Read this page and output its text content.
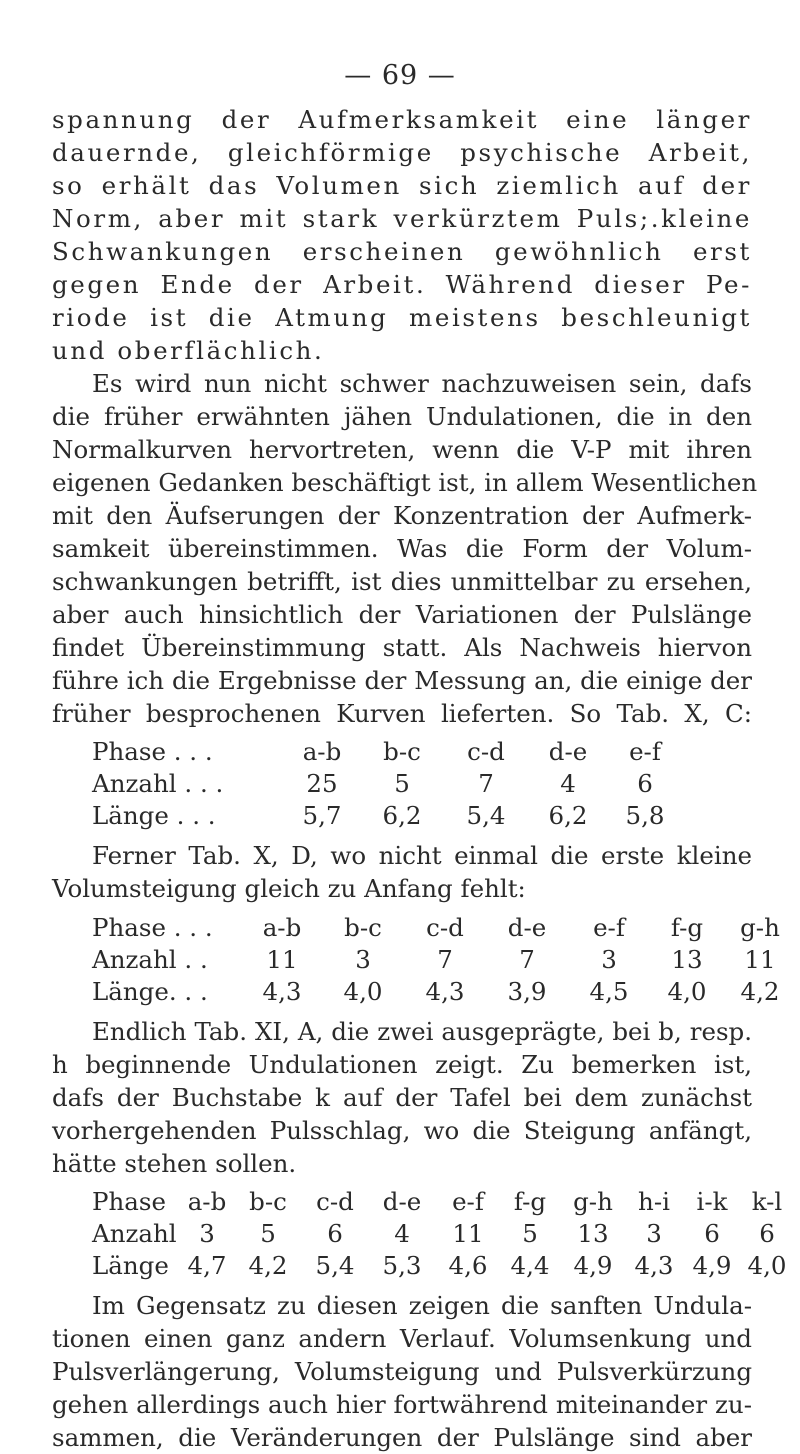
— 69 —
spannung der Aufmerksamkeit eine länger
dauernde, gleichförmige psychische Arbeit,
so erhält das Volumen sich ziemlich auf der
Norm, aber mit stark verkürztem Puls;.kleine
Schwankungen erscheinen gewöhnlich erst
gegen Ende der Arbeit. Während dieser Pe-
riode ist die Atmung meistens beschleunigt
und oberflächlich.
Es wird nun nicht schwer nachzuweisen sein, dafs
die früher erwähnten jähen Undulationen, die in den
Normalkurven hervortreten, wenn die V-P mit ihren
eigenen Gedanken beschäftigt ist, in allem Wesentlichen
mit den Äufserungen der Konzentration der Aufmerk-
samkeit übereinstimmen. Was die Form der Volum-
schwankungen betrifft, ist dies unmittelbar zu ersehen,
aber auch hinsichtlich der Variationen der Pulslänge
findet Übereinstimmung statt. Als Nachweis hiervon
führe ich die Ergebnisse der Messung an, die einige der
früher besprochenen Kurven lieferten. So Tab. X, C:
Phase . . .	a-b	b-c	c-d	d-e	e-f
Anzahl . . .	25	5	7	4	6
Länge . . .	5,7	6,2	5,4	6,2	5,8
Ferner Tab. X, D, wo nicht einmal die erste kleine
Volumsteigung gleich zu Anfang fehlt:
Phase . . .	a-b	b-c	c-d	d-e	e-f	f-g	g-h
Anzahl . .	11	3	7	7	3	13	11
Länge. . .	4,3	4,0	4,3	3,9	4,5	4,0	4,2
Endlich Tab. XI, A, die zwei ausgeprägte, bei b, resp.
h beginnende Undulationen zeigt. Zu bemerken ist,
dafs der Buchstabe k auf der Tafel bei dem zunächst
vorhergehenden Pulsschlag, wo die Steigung anfängt,
hätte stehen sollen.
Phase	a-b	b-c	c-d	d-e	e-f	f-g	g-h	h-i	i-k	k-l
Anzahl	3	5	6	4	11	5	13	3	6	6
Länge	4,7	4,2	5,4	5,3	4,6	4,4	4,9	4,3	4,9	4,0
Im Gegensatz zu diesen zeigen die sanften Undula-
tionen einen ganz andern Verlauf. Volumsenkung und
Pulsverlängerung, Volumsteigung und Pulsverkürzung
gehen allerdings auch hier fortwährend miteinander zu-
sammen, die Veränderungen der Pulslänge sind aber
